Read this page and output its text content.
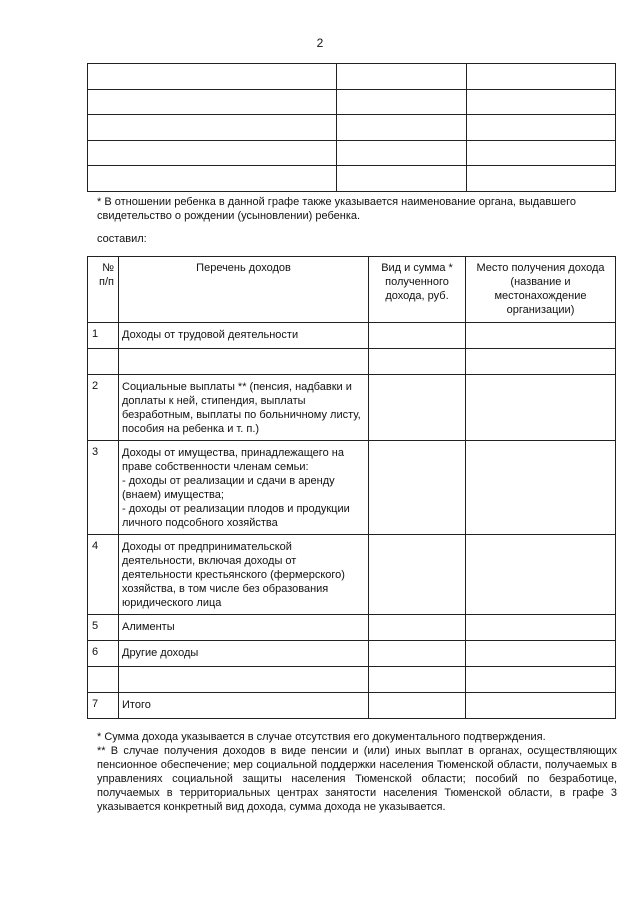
2

* В отношении ребенка в данной графе также указывается наименование органа, выдавшего свидетельство о рождении (усыновлении) ребенка.
составил:
№ п/п	Перечень доходов	Вид и сумма * полученного дохода, руб.	Место получения дохода (название и местонахождение организации)
1	Доходы от трудовой деятельности		

2	Социальные выплаты ** (пенсия, надбавки и доплаты к ней, стипендия, выплаты безработным, выплаты по больничному листу, пособия на ребенка и т. п.)		
3	Доходы от имущества, принадлежащего на праве собственности членам семьи:
- доходы от реализации и сдачи в аренду (внаем) имущества;
- доходы от реализации плодов и продукции личного подсобного хозяйства		
4	Доходы от предпринимательской деятельности, включая доходы от деятельности крестьянского (фермерского) хозяйства, в том числе без образования юридического лица		
5	Алименты		
6	Другие доходы		

7	Итого		

* Сумма дохода указывается в случае отсутствия его документального подтверждения.

** В случае получения доходов в виде пенсии и (или) иных выплат в органах, осуществляющих пенсионное обеспечение; мер социальной поддержки населения Тюменской области, получаемых в управлениях социальной защиты населения Тюменской области; пособий по безработице, получаемых в территориальных центрах занятости населения Тюменской области, в графе 3 указывается конкретный вид дохода, сумма дохода не указывается.
